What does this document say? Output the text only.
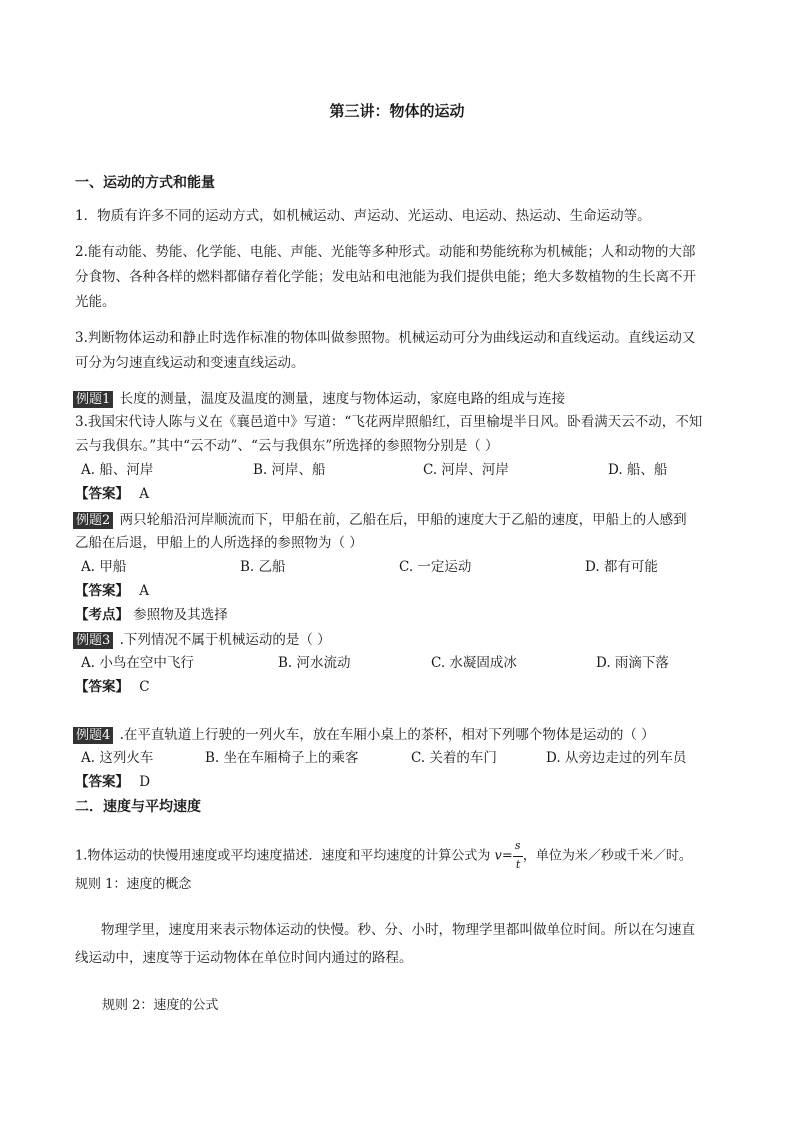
第三讲：物体的运动
一、运动的方式和能量
1．物质有许多不同的运动方式，如机械运动、声运动、光运动、电运动、热运动、生命运动等。
2.能有动能、势能、化学能、电能、声能、光能等多种形式。动能和势能统称为机械能；人和动物的大部
分食物、各种各样的燃料都储存着化学能；发电站和电池能为我们提供电能；绝大多数植物的生长离不开
光能。
3.判断物体运动和静止时选作标准的物体叫做参照物。机械运动可分为曲线运动和直线运动。直线运动又
可分为匀速直线运动和变速直线运动。
例题1 长度的测量，温度及温度的测量，速度与物体运动，家庭电路的组成与连接
3.我国宋代诗人陈与义在《襄邑道中》写道：“飞花两岸照船红，百里榆堤半日风。卧看满天云不动，不知
云与我俱东。”其中“云不动”、“云与我俱东”所选择的参照物分别是（ ）
A. 船、河岸	B. 河岸、船	C. 河岸、河岸	D. 船、船
【答案】 A
例题2 两只轮船沿河岸顺流而下，甲船在前，乙船在后，甲船的速度大于乙船的速度，甲船上的人感到
乙船在后退，甲船上的人所选择的参照物为（ ）
A. 甲船	B. 乙船	C. 一定运动	D. 都有可能
【答案】 A
【考点】 参照物及其选择
例题3 .下列情况不属于机械运动的是（ ）
A. 小鸟在空中飞行	B. 河水流动	C. 水凝固成冰	D. 雨滴下落
【答案】 C
例题4 .在平直轨道上行驶的一列火车，放在车厢小桌上的茶杯，相对下列哪个物体是运动的（ ）
A. 这列火车	B. 坐在车厢椅子上的乘客	C. 关着的车门	D. 从旁边走过的列车员
【答案】 D
二．速度与平均速度
1.物体运动的快慢用速度或平均速度描述．速度和平均速度的计算公式为 $v= \frac{s}{t}$ ，单位为米／秒或千米／时。
规则 1：速度的概念
物理学里，速度用来表示物体运动的快慢。秒、分、小时，物理学里都叫做单位时间。所以在匀速直
线运动中，速度等于运动物体在单位时间内通过的路程。
规则 2：速度的公式
